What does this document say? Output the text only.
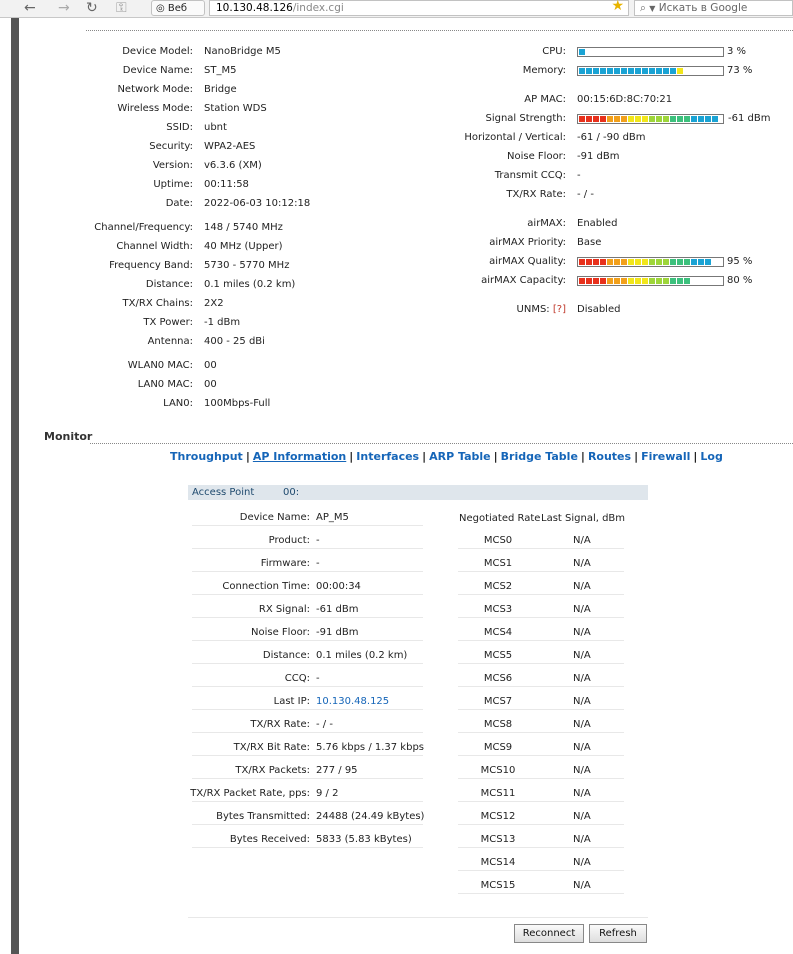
← → ↻ ⚿	◎ Веб	10.130.48.126/index.cgi	★	⌕ ▼ Искать в Google
Device Model: NanoBridge M5
Device Name: ST_M5
Network Mode: Bridge
Wireless Mode: Station WDS
SSID: ubnt
Security: WPA2-AES
Version: v6.3.6 (XM)
Uptime: 00:11:58
Date: 2022-06-03 10:12:18
Channel/Frequency: 148 / 5740 MHz
Channel Width: 40 MHz (Upper)
Frequency Band: 5730 - 5770 MHz
Distance: 0.1 miles (0.2 km)
TX/RX Chains: 2X2
TX Power: -1 dBm
Antenna: 400 - 25 dBi
WLAN0 MAC: 00
LAN0 MAC: 00
LAN0: 100Mbps-Full
CPU:	3 %
Memory:	73 %
AP MAC: 00:15:6D:8C:70:21
Signal Strength:	-61 dBm
Horizontal / Vertical: -61 / -90 dBm
Noise Floor: -91 dBm
Transmit CCQ: -
TX/RX Rate: - / -
airMAX: Enabled
airMAX Priority: Base
airMAX Quality:	95 %
airMAX Capacity:	80 %
UNMS: [?] Disabled
Monitor
Throughput | AP Information | Interfaces | ARP Table | Bridge Table | Routes | Firewall | Log
Access Point	00:
Negotiated Rate Last Signal, dBm
Device Name: AP_M5
Product: -
Firmware: -
Connection Time: 00:00:34
RX Signal: -61 dBm
Noise Floor: -91 dBm
Distance: 0.1 miles (0.2 km)
CCQ: -
Last IP: 10.130.48.125
TX/RX Rate: - / -
TX/RX Bit Rate: 5.76 kbps / 1.37 kbps
TX/RX Packets: 277 / 95
TX/RX Packet Rate, pps: 9 / 2
Bytes Transmitted: 24488 (24.49 kBytes)
Bytes Received: 5833 (5.83 kBytes)
MCS0	N/A
MCS1	N/A
MCS2	N/A
MCS3	N/A
MCS4	N/A
MCS5	N/A
MCS6	N/A
MCS7	N/A
MCS8	N/A
MCS9	N/A
MCS10	N/A
MCS11	N/A
MCS12	N/A
MCS13	N/A
MCS14	N/A
MCS15	N/A
Reconnect	Refresh
